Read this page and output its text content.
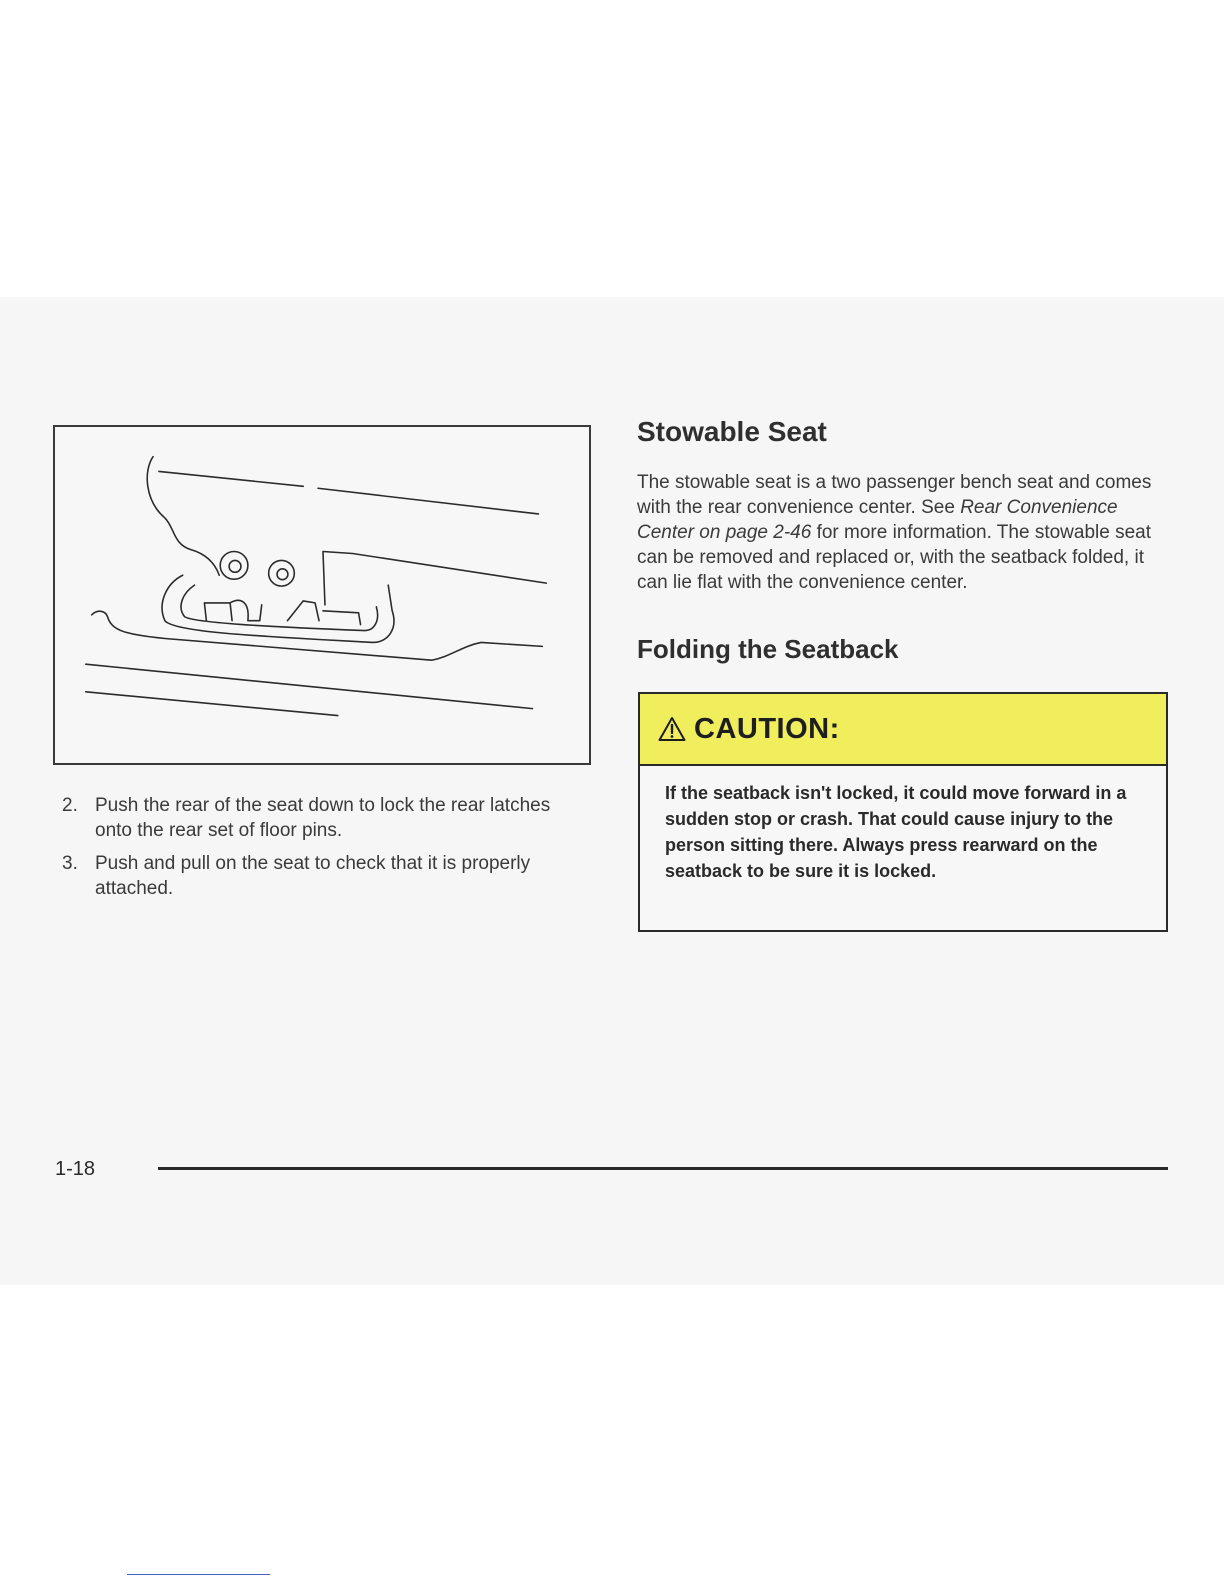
2. Push the rear of the seat down to lock the rear latches onto the rear set of floor pins.
3. Push and pull on the seat to check that it is properly attached.
Stowable Seat

The stowable seat is a two passenger bench seat and comes with the rear convenience center. See Rear Convenience Center on page 2-46 for more information. The stowable seat can be removed and replaced or, with the seatback folded, it can lie flat with the convenience center.

Folding the Seatback
CAUTION:

If the seatback isn't locked, it could move forward in a sudden stop or crash. That could cause injury to the person sitting there. Always press rearward on the seatback to be sure it is locked.

1-18
